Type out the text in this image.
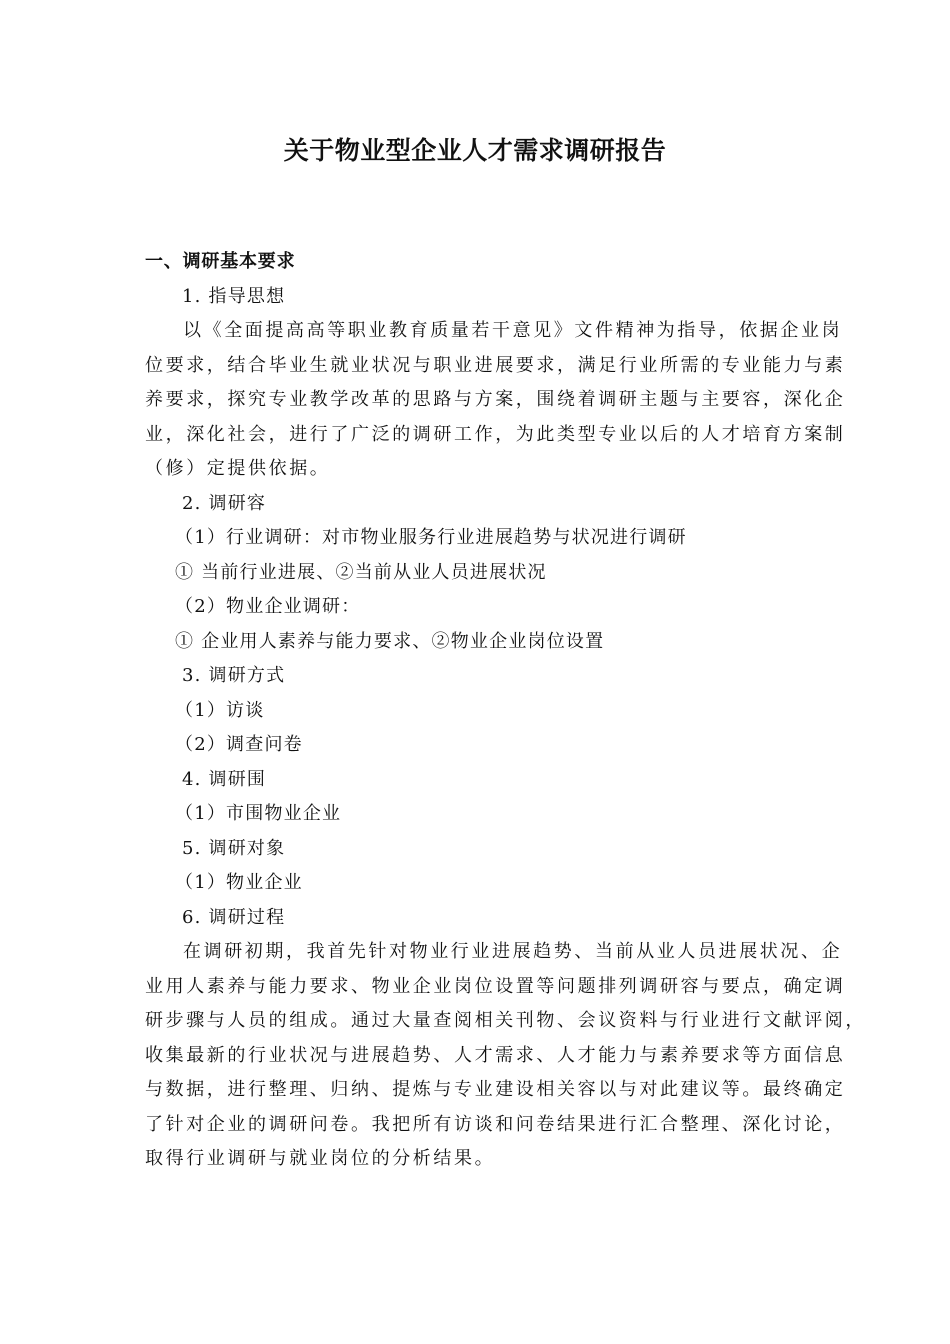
关于物业型企业人才需求调研报告
一、调研基本要求
1. 指导思想
以《全面提高高等职业教育质量若干意见》文件精神为指导，依据企业岗
位要求，结合毕业生就业状况与职业进展要求，满足行业所需的专业能力与素
养要求，探究专业教学改革的思路与方案，围绕着调研主题与主要容，深化企
业，深化社会，进行了广泛的调研工作，为此类型专业以后的人才培育方案制
（修）定提供依据。
2. 调研容
（1）行业调研：对市物业服务行业进展趋势与状况进行调研
① 当前行业进展、②当前从业人员进展状况
（2）物业企业调研：
① 企业用人素养与能力要求、②物业企业岗位设置
3. 调研方式
（1）访谈
（2）调查问卷
4. 调研围
（1）市围物业企业
5. 调研对象
（1）物业企业
6. 调研过程
在调研初期，我首先针对物业行业进展趋势、当前从业人员进展状况、企
业用人素养与能力要求、物业企业岗位设置等问题排列调研容与要点，确定调
研步骤与人员的组成。通过大量查阅相关刊物、会议资料与行业进行文献评阅，
收集最新的行业状况与进展趋势、人才需求、人才能力与素养要求等方面信息
与数据，进行整理、归纳、提炼与专业建设相关容以与对此建议等。最终确定
了针对企业的调研问卷。我把所有访谈和问卷结果进行汇合整理、深化讨论，
取得行业调研与就业岗位的分析结果。
